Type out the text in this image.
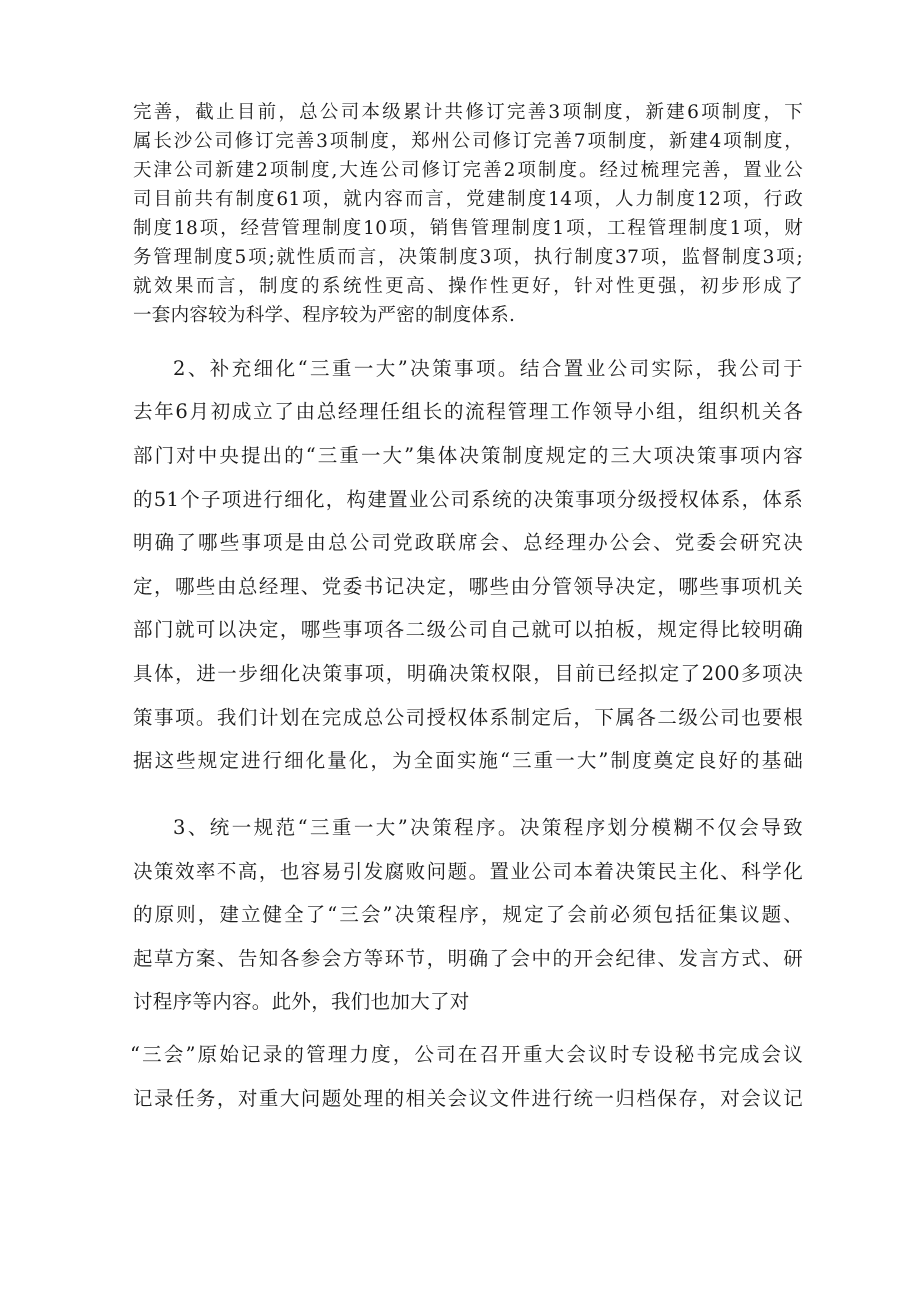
完善，截止目前，总公司本级累计共修订完善3项制度，新建6项制度，下
属长沙公司修订完善3项制度，郑州公司修订完善7项制度，新建4项制度，
天津公司新建2项制度,大连公司修订完善2项制度。经过梳理完善，置业公
司目前共有制度61项，就内容而言，党建制度14项，人力制度12项，行政
制度18项，经营管理制度10项，销售管理制度1项，工程管理制度1项，财
务管理制度5项;就性质而言，决策制度3项，执行制度37项，监督制度3项;
就效果而言，制度的系统性更高、操作性更好，针对性更强，初步形成了
一套内容较为科学、程序较为严密的制度体系.
2、补充细化“三重一大”决策事项。结合置业公司实际，我公司于
去年6月初成立了由总经理任组长的流程管理工作领导小组，组织机关各
部门对中央提出的“三重一大”集体决策制度规定的三大项决策事项内容
的51个子项进行细化，构建置业公司系统的决策事项分级授权体系，体系
明确了哪些事项是由总公司党政联席会、总经理办公会、党委会研究决
定，哪些由总经理、党委书记决定，哪些由分管领导决定，哪些事项机关
部门就可以决定，哪些事项各二级公司自己就可以拍板，规定得比较明确
具体，进一步细化决策事项，明确决策权限，目前已经拟定了200多项决
策事项。我们计划在完成总公司授权体系制定后，下属各二级公司也要根
据这些规定进行细化量化，为全面实施“三重一大”制度奠定良好的基础
3、统一规范“三重一大”决策程序。决策程序划分模糊不仅会导致
决策效率不高，也容易引发腐败问题。置业公司本着决策民主化、科学化
的原则，建立健全了“三会”决策程序，规定了会前必须包括征集议题、
起草方案、告知各参会方等环节，明确了会中的开会纪律、发言方式、研
讨程序等内容。此外，我们也加大了对
“三会”原始记录的管理力度，公司在召开重大会议时专设秘书完成会议
记录任务，对重大问题处理的相关会议文件进行统一归档保存，对会议记
